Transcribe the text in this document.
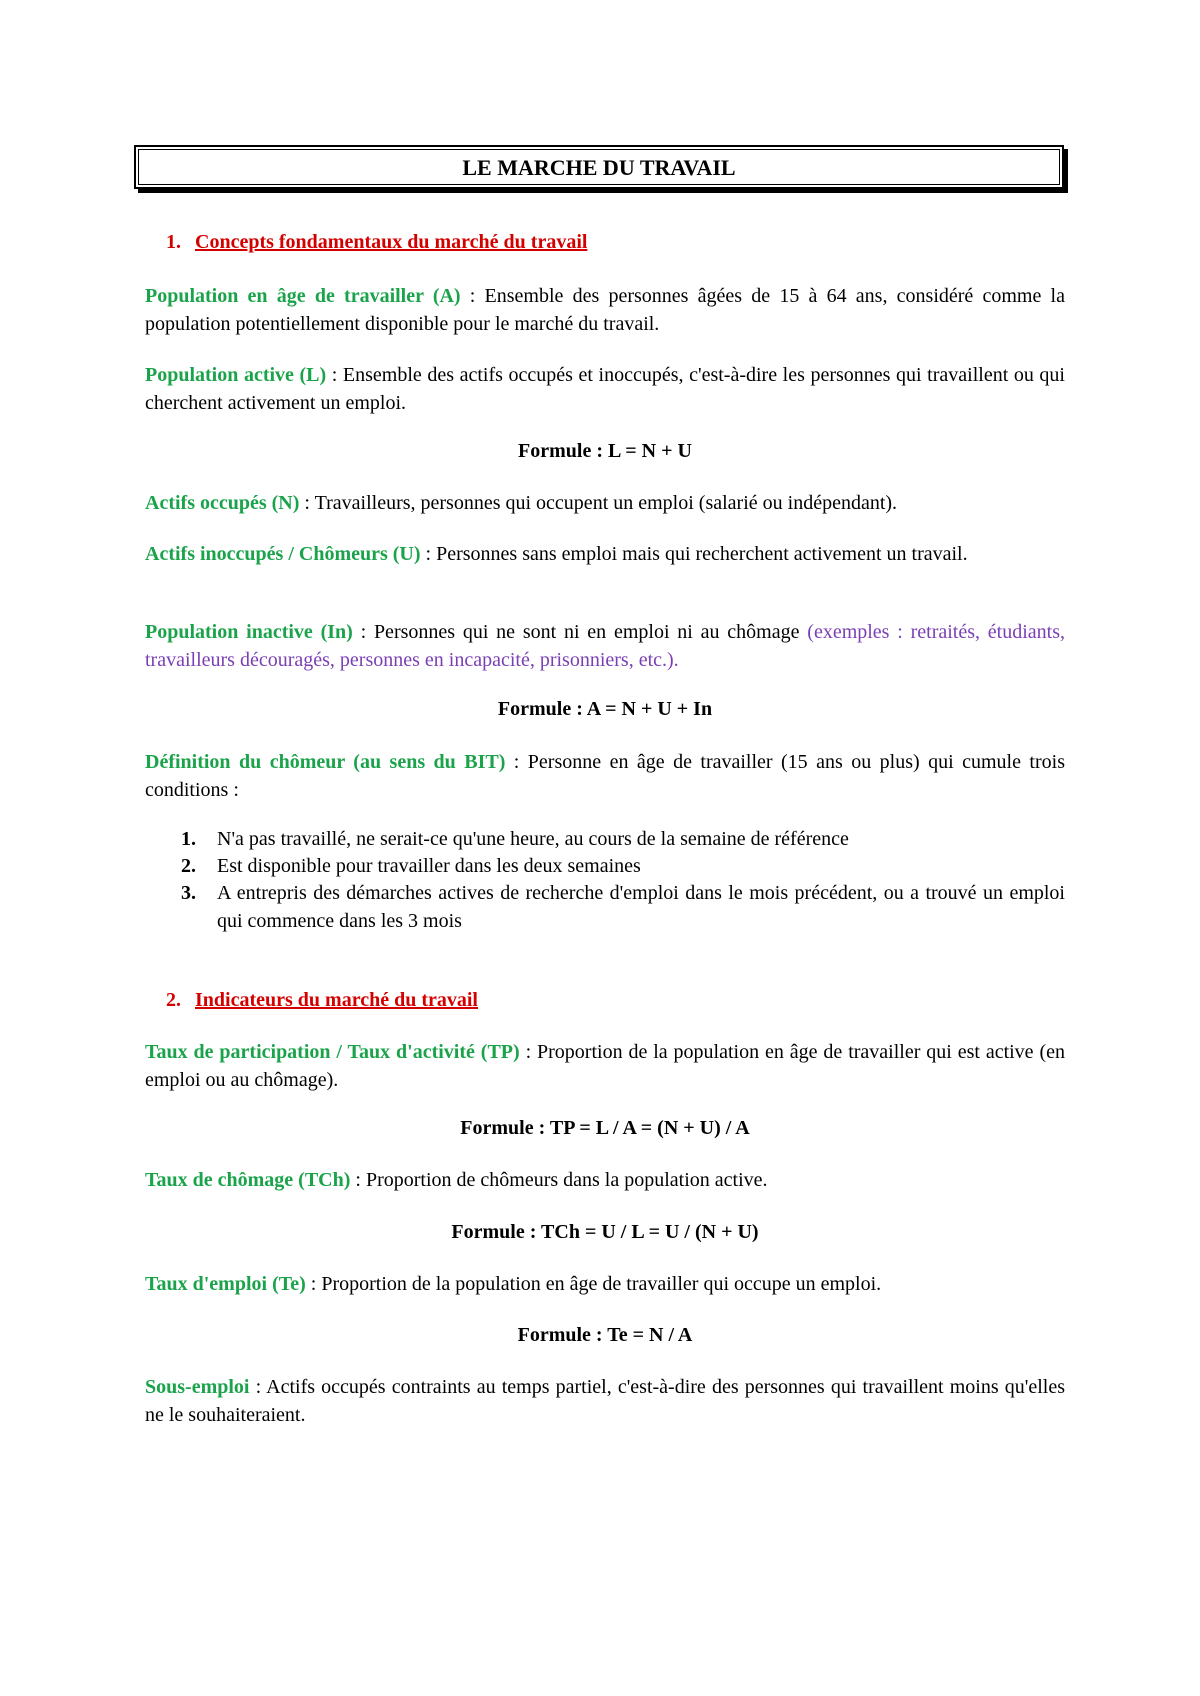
LE MARCHE DU TRAVAIL
1. Concepts fondamentaux du marché du travail
Population en âge de travailler (A) : Ensemble des personnes âgées de 15 à 64 ans, considéré comme la population potentiellement disponible pour le marché du travail.
Population active (L) : Ensemble des actifs occupés et inoccupés, c'est-à-dire les personnes qui travaillent ou qui cherchent activement un emploi.
Formule : L = N + U
Actifs occupés (N) : Travailleurs, personnes qui occupent un emploi (salarié ou indépendant).
Actifs inoccupés / Chômeurs (U) : Personnes sans emploi mais qui recherchent activement un travail.
Population inactive (In) : Personnes qui ne sont ni en emploi ni au chômage (exemples : retraités, étudiants, travailleurs découragés, personnes en incapacité, prisonniers, etc.).
Formule : A = N + U + In
Définition du chômeur (au sens du BIT) : Personne en âge de travailler (15 ans ou plus) qui cumule trois conditions :
1. N'a pas travaillé, ne serait-ce qu'une heure, au cours de la semaine de référence
2. Est disponible pour travailler dans les deux semaines
3. A entrepris des démarches actives de recherche d'emploi dans le mois précédent, ou a trouvé un emploi qui commence dans les 3 mois
2. Indicateurs du marché du travail
Taux de participation / Taux d'activité (TP) : Proportion de la population en âge de travailler qui est active (en emploi ou au chômage).
Formule : TP = L / A = (N + U) / A
Taux de chômage (TCh) : Proportion de chômeurs dans la population active.
Formule : TCh = U / L = U / (N + U)
Taux d'emploi (Te) : Proportion de la population en âge de travailler qui occupe un emploi.
Formule : Te = N / A
Sous-emploi : Actifs occupés contraints au temps partiel, c'est-à-dire des personnes qui travaillent moins qu'elles ne le souhaiteraient.
